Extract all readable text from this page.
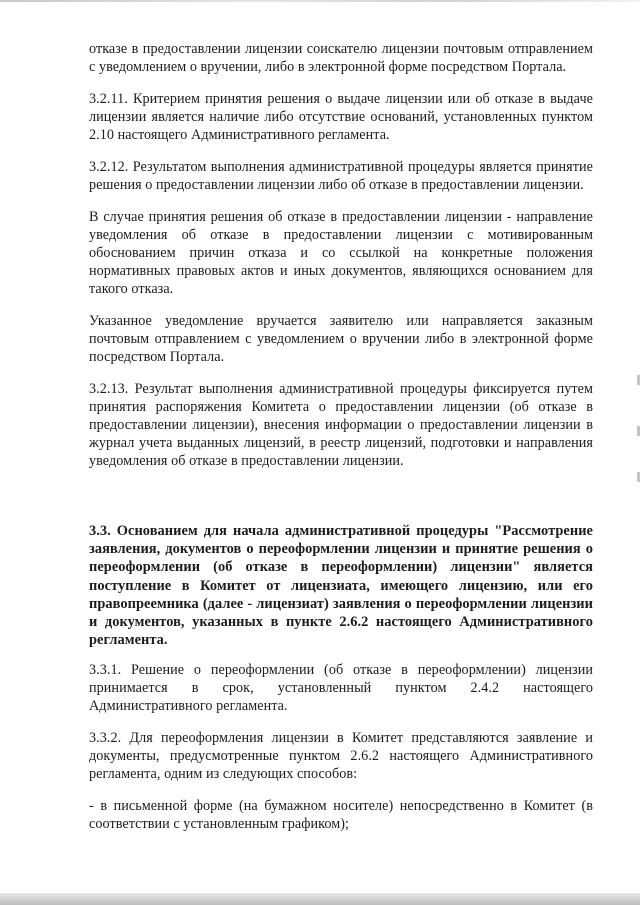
отказе в предоставлении лицензии соискателю лицензии почтовым отправлением с уведомлением о вручении, либо в электронной форме посредством Портала.

3.2.11. Критерием принятия решения о выдаче лицензии или об отказе в выдаче лицензии является наличие либо отсутствие оснований, установленных пунктом 2.10 настоящего Административного регламента.

3.2.12. Результатом выполнения административной процедуры является принятие решения о предоставлении лицензии либо об отказе в предоставлении лицензии.

В случае принятия решения об отказе в предоставлении лицензии - направление уведомления об отказе в предоставлении лицензии с мотивированным обоснованием причин отказа и со ссылкой на конкретные положения нормативных правовых актов и иных документов, являющихся основанием для такого отказа.

Указанное уведомление вручается заявителю или направляется заказным почтовым отправлением с уведомлением о вручении либо в электронной форме посредством Портала.

3.2.13. Результат выполнения административной процедуры фиксируется путем принятия распоряжения Комитета о предоставлении лицензии (об отказе в предоставлении лицензии), внесения информации о предоставлении лицензии в журнал учета выданных лицензий, в реестр лицензий, подготовки и направления уведомления об отказе в предоставлении лицензии.

3.3. Основанием для начала административной процедуры "Рассмотрение заявления, документов о переоформлении лицензии и принятие решения о переоформлении (об отказе в переоформлении) лицензии" является поступление в Комитет от лицензиата, имеющего лицензию, или его правопреемника (далее - лицензиат) заявления о переоформлении лицензии и документов, указанных в пункте 2.6.2 настоящего Административного регламента.

3.3.1. Решение о переоформлении (об отказе в переоформлении) лицензии принимается в срок, установленный пунктом 2.4.2 настоящего Административного регламента.

3.3.2. Для переоформления лицензии в Комитет представляются заявление и документы, предусмотренные пунктом 2.6.2 настоящего Административного регламента, одним из следующих способов:

- в письменной форме (на бумажном носителе) непосредственно в Комитет (в соответствии с установленным графиком);
